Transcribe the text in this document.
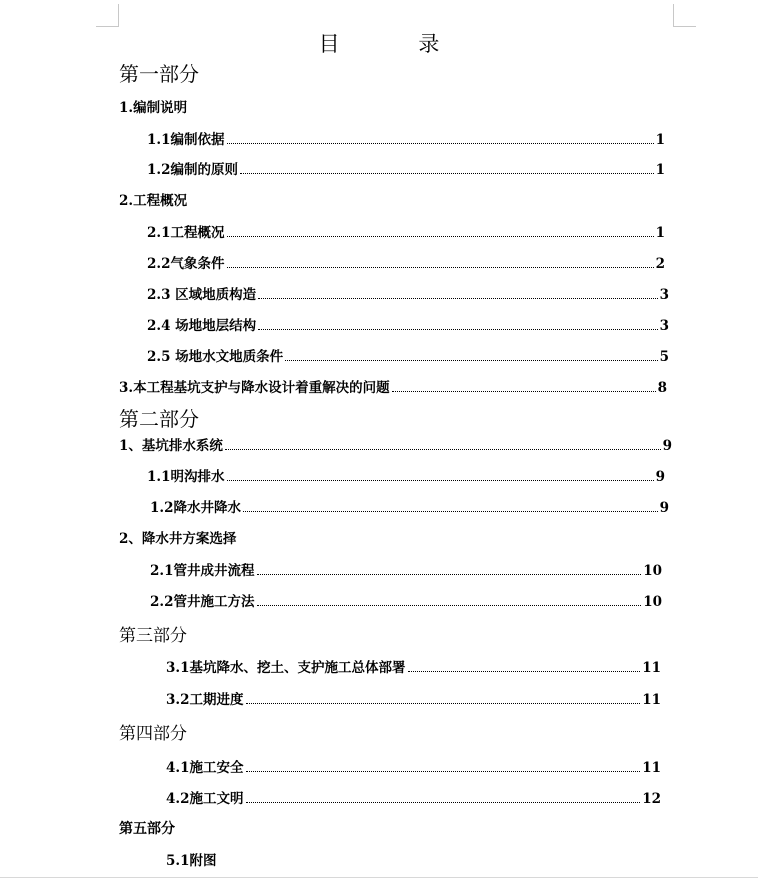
目 录
第一部分
1.编制说明
1.1编制依据	1
1.2编制的原则	1
2.工程概况
2.1工程概况	1
2.2气象条件	2
2.3 区域地质构造	3
2.4 场地地层结构	3
2.5 场地水文地质条件	5
3.本工程基坑支护与降水设计着重解决的问题	8
第二部分
1、基坑排水系统	9
1.1明沟排水	9
1.2降水井降水	9
2、降水井方案选择
2.1管井成井流程	10
2.2管井施工方法	10
第三部分
3.1基坑降水、挖土、支护施工总体部署	11
3.2工期进度	11
第四部分
4.1施工安全	11
4.2施工文明	12
第五部分
5.1附图
